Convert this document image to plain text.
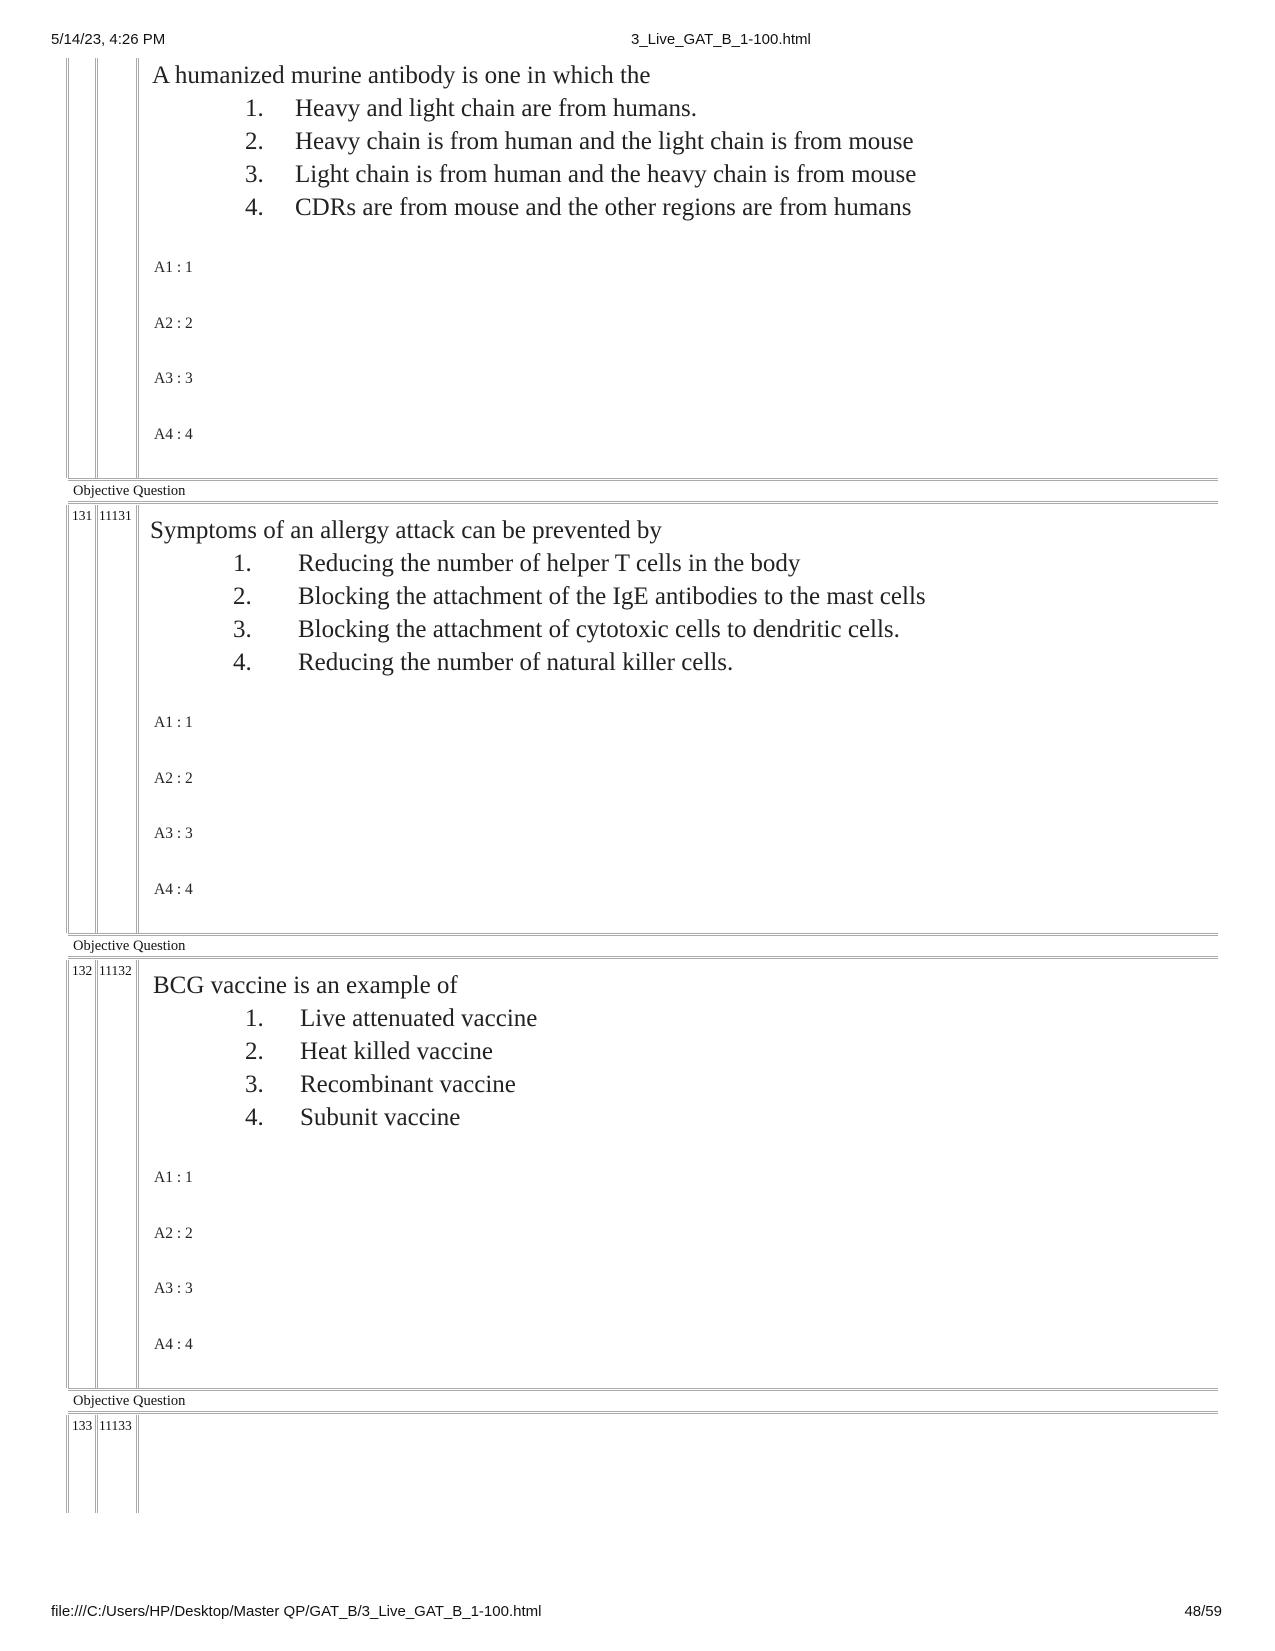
5/14/23, 4:26 PM	3_Live_GAT_B_1-100.html
file:///C:/Users/HP/Desktop/Master QP/GAT_B/3_Live_GAT_B_1-100.html	48/59
A humanized murine antibody is one in which the
1. Heavy and light chain are from humans.
2. Heavy chain is from human and the light chain is from mouse
3. Light chain is from human and the heavy chain is from mouse
4. CDRs are from mouse and the other regions are from humans
A1 : 1
A2 : 2
A3 : 3
A4 : 4
Objective Question
131 11131
Symptoms of an allergy attack can be prevented by
1. Reducing the number of helper T cells in the body
2. Blocking the attachment of the IgE antibodies to the mast cells
3. Blocking the attachment of cytotoxic cells to dendritic cells.
4. Reducing the number of natural killer cells.
A1 : 1
A2 : 2
A3 : 3
A4 : 4
Objective Question
132 11132
BCG vaccine is an example of
1. Live attenuated vaccine
2. Heat killed vaccine
3. Recombinant vaccine
4. Subunit vaccine
A1 : 1
A2 : 2
A3 : 3
A4 : 4
Objective Question
133 11133
